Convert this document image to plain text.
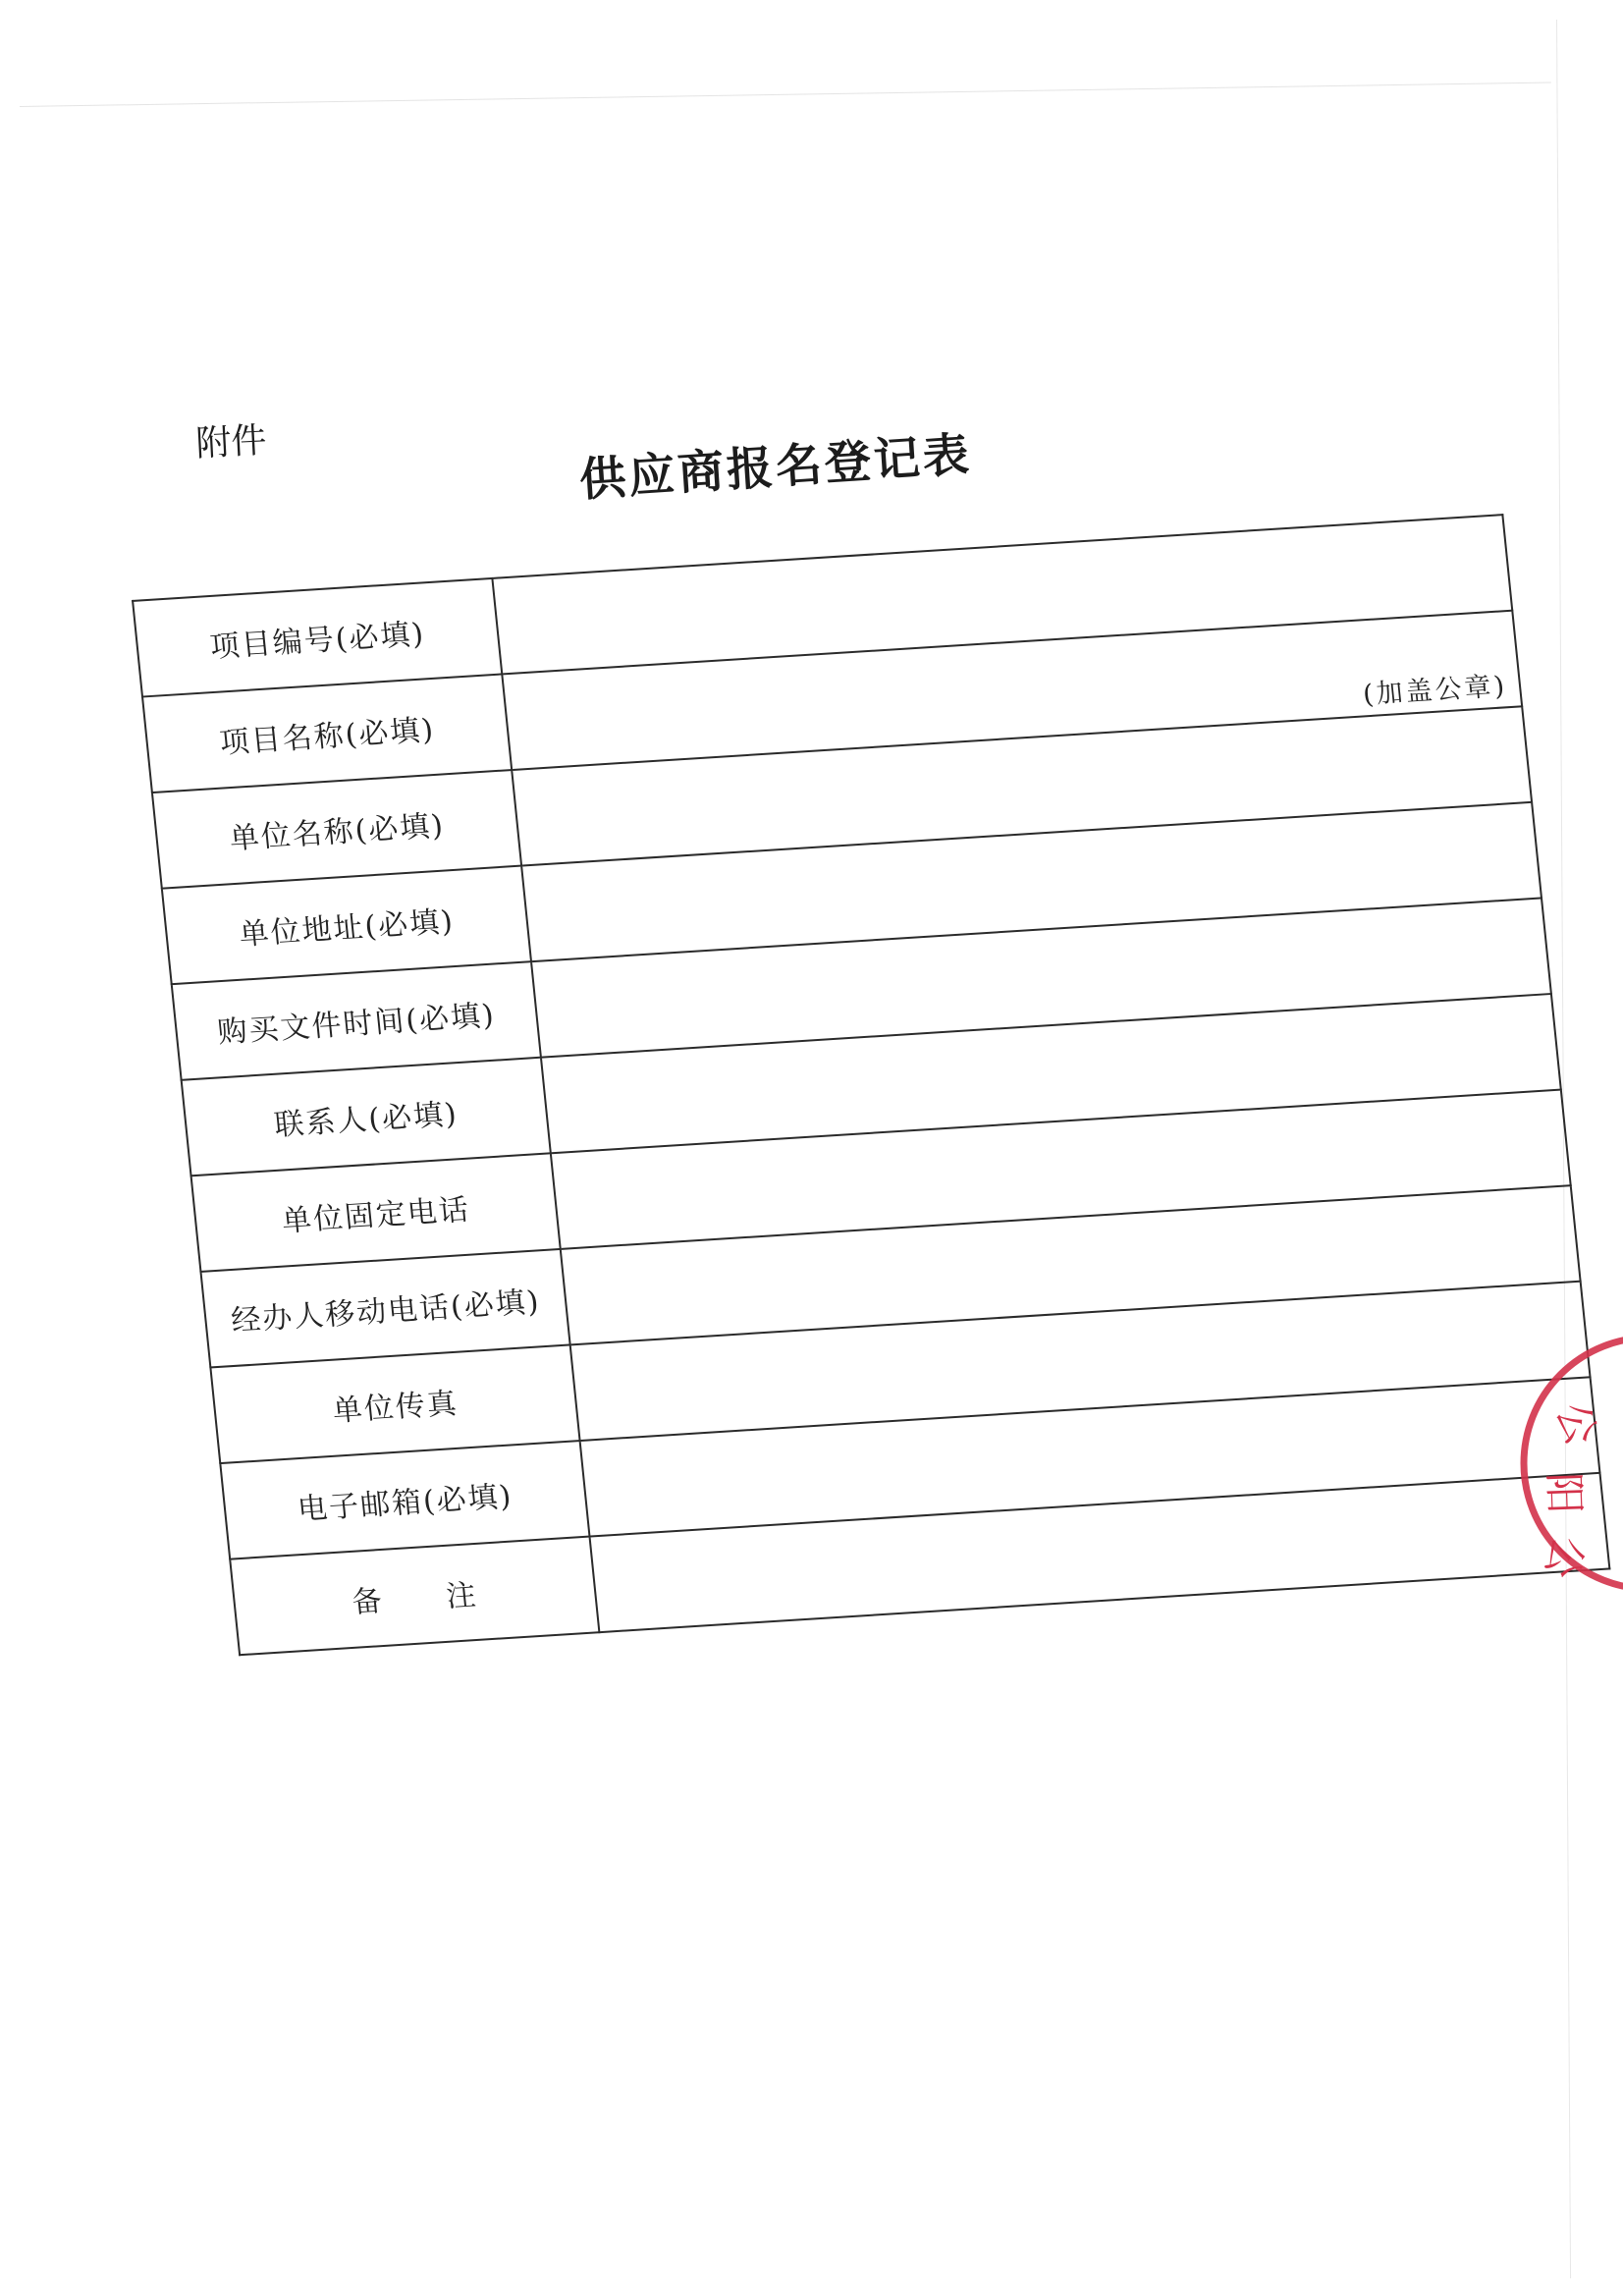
附件	供应商报名登记表
项目编号(必填)	
项目名称(必填)	(加盖公章)

单位名称(必填)	
单位地址(必填)	
购买文件时间(必填)	
联系人(必填)	
单位固定电话	
经办人移动电话(必填)	
单位传真	
电子邮箱(必填)	
备　　注	
公
阳
公
